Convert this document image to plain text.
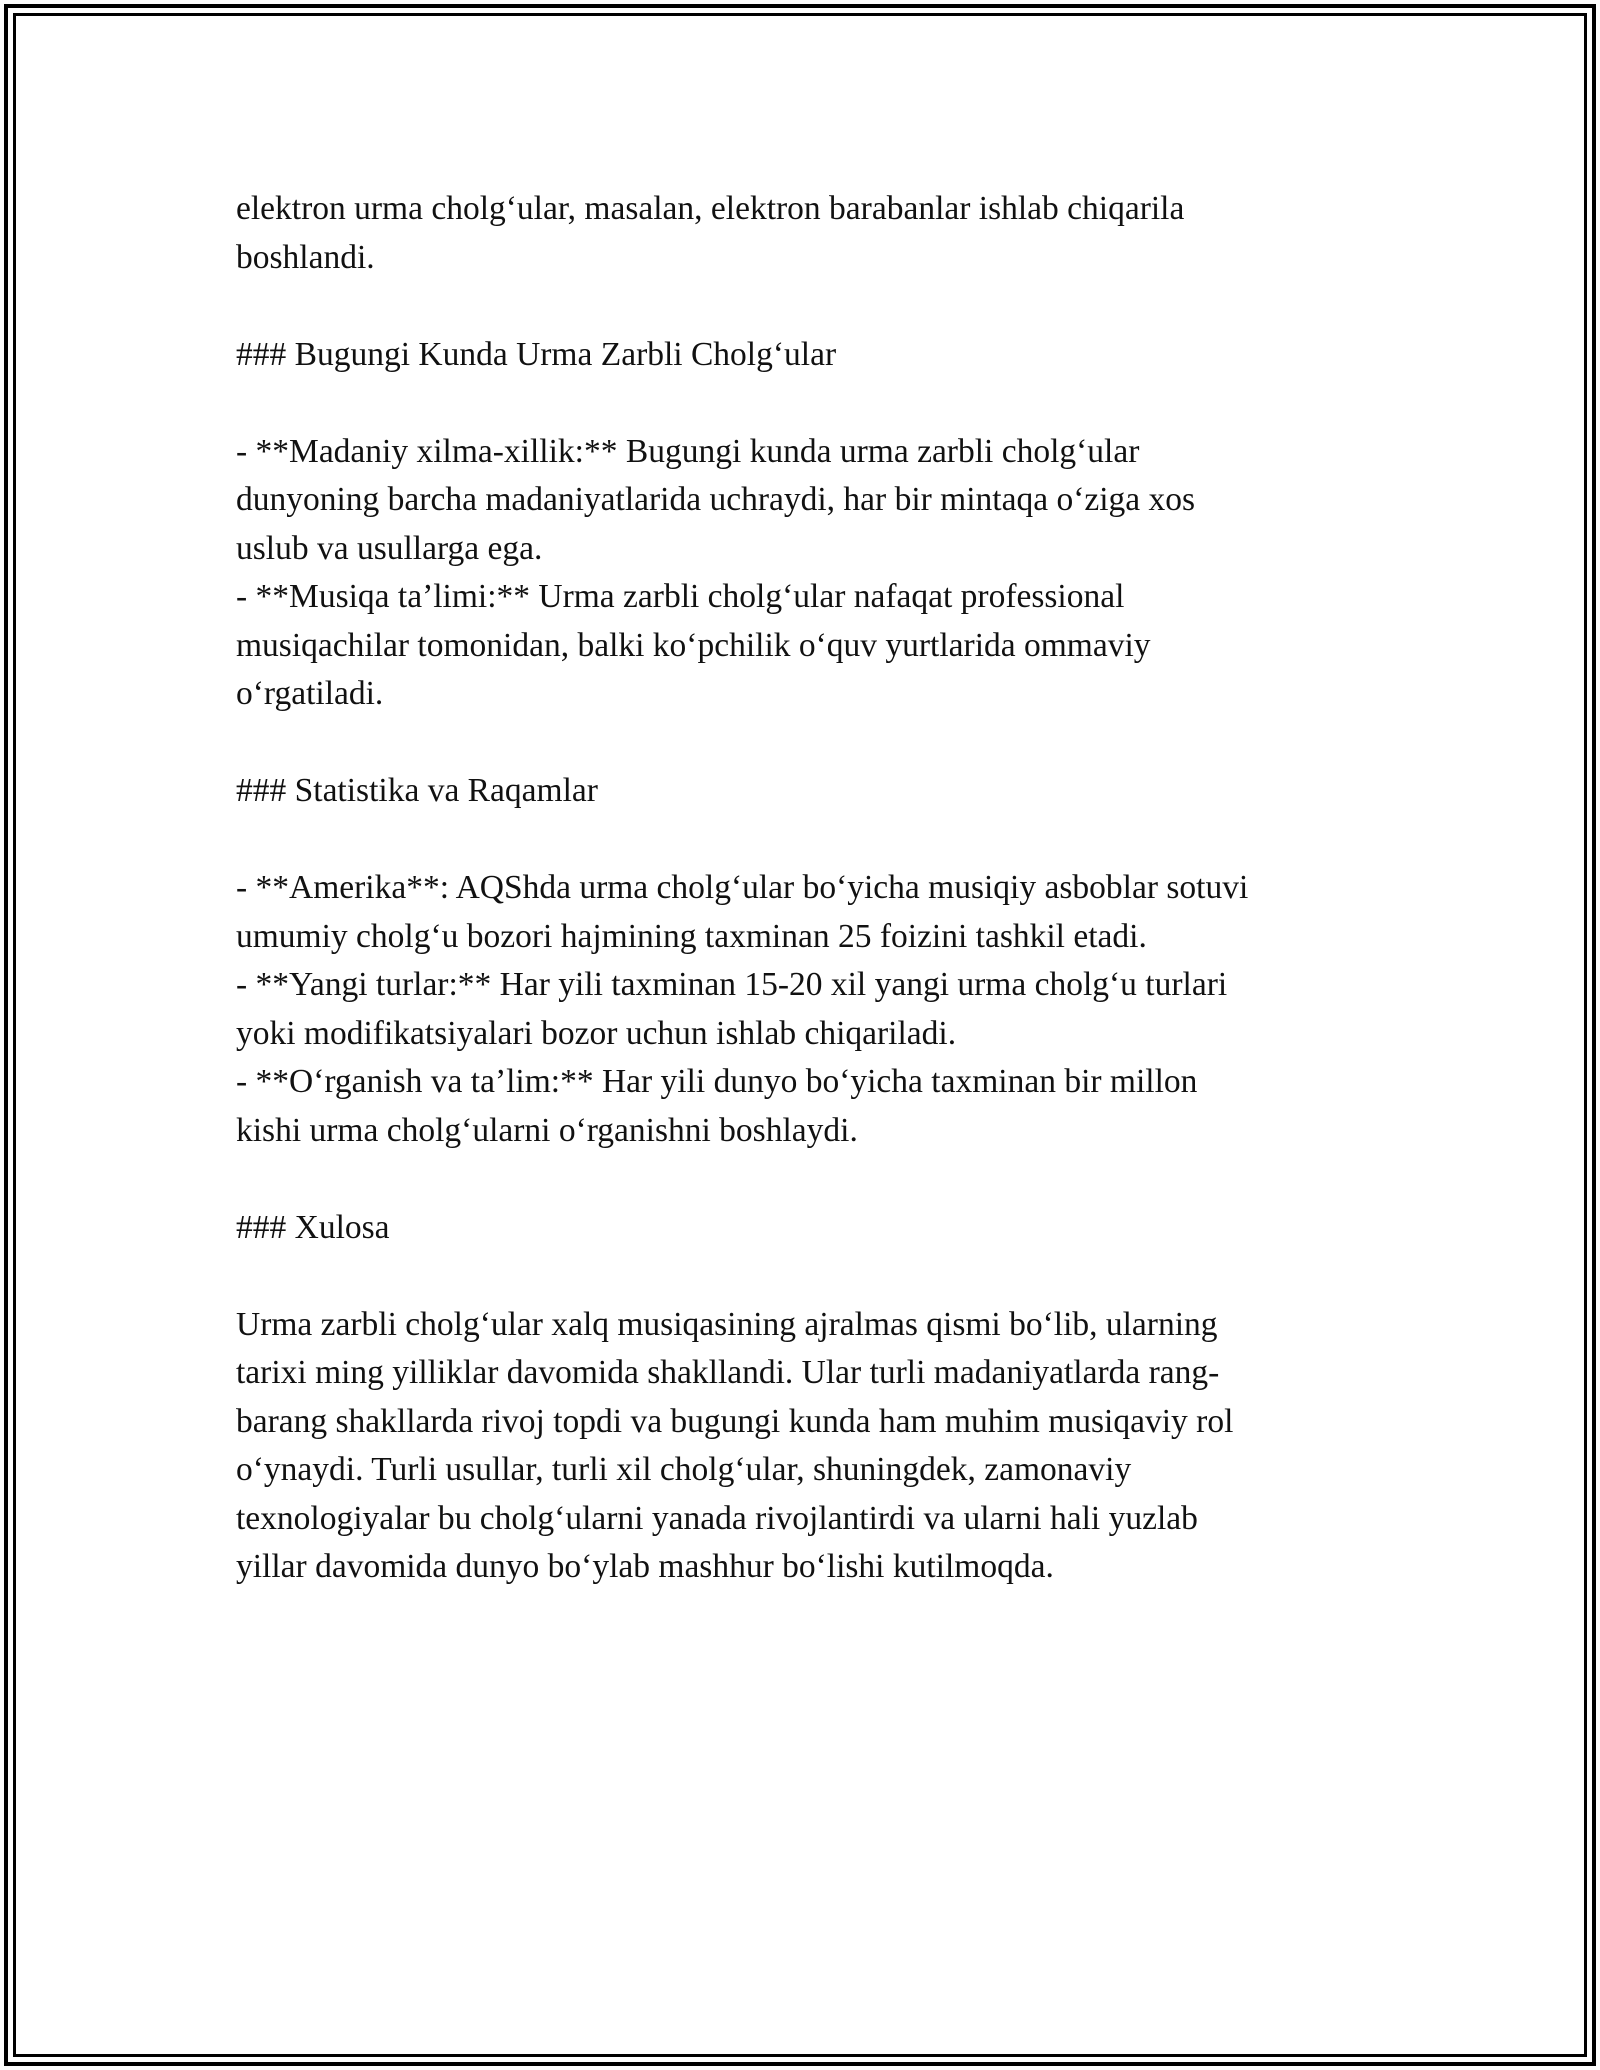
elektron urma cholg‘ular, masalan, elektron barabanlar ishlab chiqarila
boshlandi.
### Bugungi Kunda Urma Zarbli Cholg‘ular
- **Madaniy xilma-xillik:** Bugungi kunda urma zarbli cholg‘ular
dunyoning barcha madaniyatlarida uchraydi, har bir mintaqa o‘ziga xos
uslub va usullarga ega.
- **Musiqa ta’limi:** Urma zarbli cholg‘ular nafaqat professional
musiqachilar tomonidan, balki ko‘pchilik o‘quv yurtlarida ommaviy
o‘rgatiladi.
### Statistika va Raqamlar
- **Amerika**: AQShda urma cholg‘ular bo‘yicha musiqiy asboblar sotuvi
umumiy cholg‘u bozori hajmining taxminan 25 foizini tashkil etadi.
- **Yangi turlar:** Har yili taxminan 15-20 xil yangi urma cholg‘u turlari
yoki modifikatsiyalari bozor uchun ishlab chiqariladi.
- **O‘rganish va ta’lim:** Har yili dunyo bo‘yicha taxminan bir millon
kishi urma cholg‘ularni o‘rganishni boshlaydi.
### Xulosa
Urma zarbli cholg‘ular xalq musiqasining ajralmas qismi bo‘lib, ularning
tarixi ming yilliklar davomida shakllandi. Ular turli madaniyatlarda rang-
barang shakllarda rivoj topdi va bugungi kunda ham muhim musiqaviy rol
o‘ynaydi. Turli usullar, turli xil cholg‘ular, shuningdek, zamonaviy
texnologiyalar bu cholg‘ularni yanada rivojlantirdi va ularni hali yuzlab
yillar davomida dunyo bo‘ylab mashhur bo‘lishi kutilmoqda.
